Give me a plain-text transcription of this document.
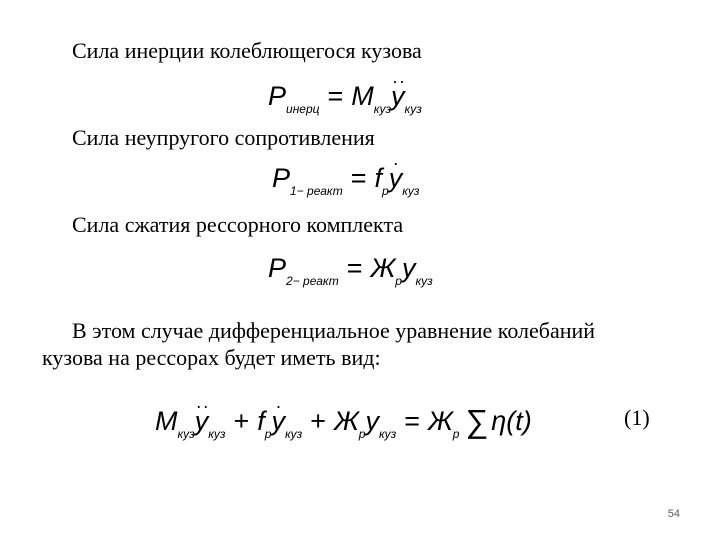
Сила инерции колеблющегося кузова
$P_{инерц} = M_{куз}\cdot\cdot y_{куз}$
Сила неупругого сопротивления
$P_{1- реакт} = f_р\cdot y_{куз}$
Сила сжатия рессорного комплекта
$P_{2- реакт} = Ж_рy_{куз}$
В этом случае дифференциальное уравнение колебаний
кузова на рессорах будет иметь вид:
$M_{куз}\cdot\cdot y_{куз} + f_р\cdot y_{куз} + Ж_рy_{куз} = Ж_р$ ∑ η(t)	(1)
54
